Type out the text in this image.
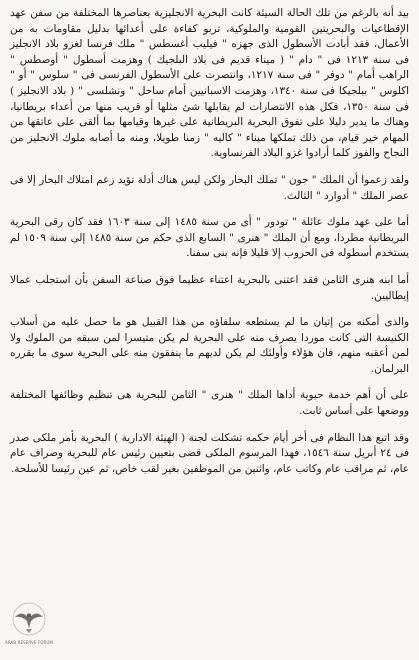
بيد أنه بالرغم من تلك الحالة السيئة كانت البحرية الانجليزية بعناصرها المختلفة من سفن عهد الإقطاعيات والبحريتين القومية والملوكية، تربو كفاءة على أعدائها بدليل مقاومات به من الأعمال، فقد أبادت الأسطول الذى جهزه " فيليب أغسطس " ملك فرنسا لغزو بلاد الانجليز فى سنة ١٢١٣ فى " دام " ( ميناء قديم فى بلاد البلجيك ) وهزمت أسطول " أوصطس " الراهب أمام " دوفر " فى سنة ١٢١٧، وانتصرت على الأسطول الفرنسى فى " سلوس " أو " اكلوس " ببلجيكا فى سنة ١٣٤٠، وهزمت الاسبانيين أمام ساحل " ونشلسى " ( بلاد الانجليز ) فى سنة ١٣٥٠، فكل هذه الانتصارات لم يقابلها شئ مثلها أو قريب منها من أعداء بريطانيا، وهناك ما يدير دليلا على تفوق البحرية البريطانية على غيرها وقيامها بما ألقى على عاتقها من المهام خير قيام، من ذلك تملكها ميناء " كاليه " زمنا طويلا، ومنه ما أصابه ملوك الانجليز من النجاح والفوز كلما أرادوا غزو البلاد الفرنساوية.

ولقد زعموا أن الملك " جون " تملك البحار ولكن ليس هناك أدلة تؤيد زعم امتلاك البحار إلا فى عصر الملك " أدوارد " الثالث.

أما على عهد ملوك عائلة " تودور " أى من سنة ١٤٨٥ إلى سنة ١٦٠٣ فقد كان رقى البحرية البريطانية مطردا، ومع أن الملك " هنرى " السابع الذى حكم من سنة ١٤٨٥ إلى سنة ١٥٠٩ لم يستخدم أسطوله فى الحروب إلا قليلا فإنه بنى سفنا.

أما ابنه هنرى الثامن فقد اعتنى بالبحرية اعتناء عظيما فوق صناعة السفن بأن استجلب عمالا إيطاليين.

والذى أمكنه من إتيان ما لم يستطعه سلفاؤه من هذا القبيل هو ما حصل عليه من أسلاب الكنيسة التى كانت موردا يصرف منه على البحرية لم يكن متيسرا لمن سبقه من الملوك ولا لمن أعقبه منهم، فان هؤلاء وأولئك لم يكن لديهم ما ينفقون منه على البحرية سوى ما يقرره البرلمان.

على أن أهم خدمة حيوية أداها الملك " هنرى " الثامن للبحرية هى تنظيم وظائفها المختلفة ووضعها على أساس ثابت.

وقد اتبع هذا النظام فى أخر أيام حكمه تشكلت لجنة ( الهيئة الادارية ) البحرية بأمر ملكى صدر فى ٢٤ أبريل سنة ١٥٤٦، فهذا المرسوم الملكى قضى بتعيين رئيس عام للبحرية وصراف عام عام، ثم مراقب عام وكاتب عام، واثنين من الموظفين بغير لقب خاص، ثم عين رئيسا للأسلحة.

ARAB RESERVE FORUM
